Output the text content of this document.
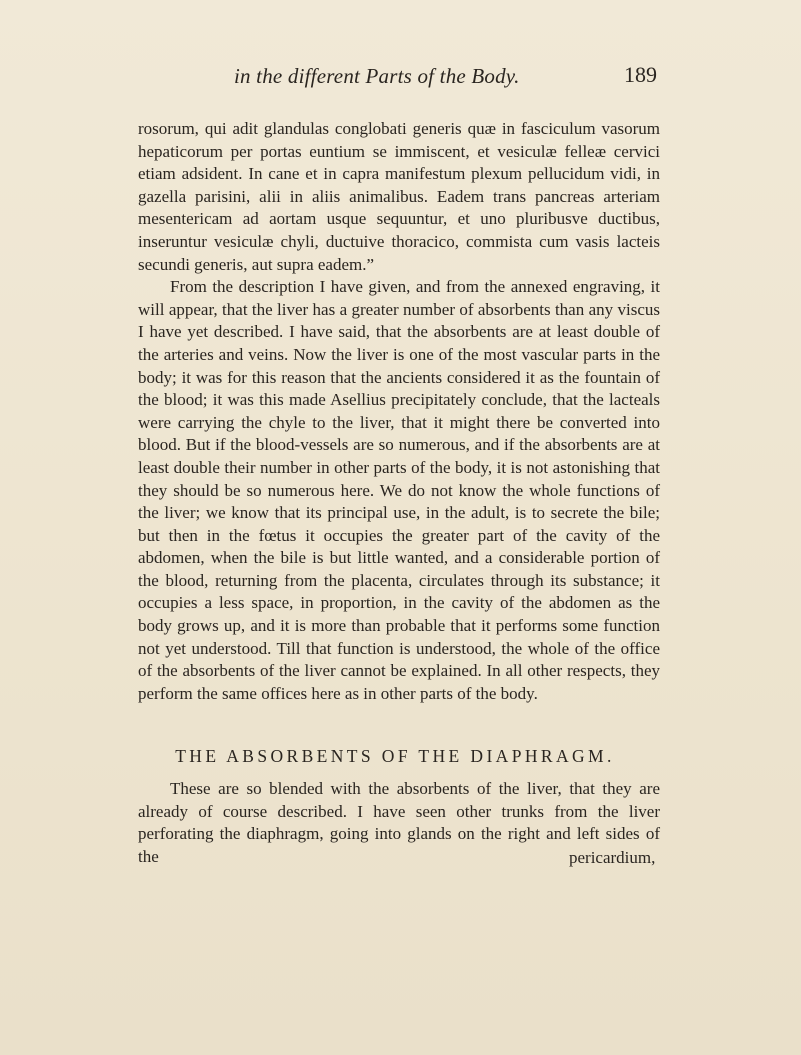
in the different Parts of the Body.	189

rosorum, qui adit glandulas conglobati generis quæ in fasciculum vasorum hepaticorum per portas euntium se immiscent, et vesiculæ felleæ cervici etiam adsident. In cane et in capra manifestum plexum pellucidum vidi, in gazella parisini, alii in aliis animalibus. Eadem trans pancreas arteriam mesentericam ad aortam usque sequuntur, et uno pluribusve ductibus, inseruntur vesiculæ chyli, ductuive thoracico, commista cum vasis lacteis secundi generis, aut supra eadem.”

From the description I have given, and from the annexed engraving, it will appear, that the liver has a greater number of absorbents than any viscus I have yet described. I have said, that the absorbents are at least double of the arteries and veins. Now the liver is one of the most vascular parts in the body; it was for this reason that the ancients considered it as the fountain of the blood; it was this made Asellius precipitately conclude, that the lacteals were carrying the chyle to the liver, that it might there be converted into blood. But if the blood-vessels are so numerous, and if the absorbents are at least double their number in other parts of the body, it is not astonishing that they should be so numerous here. We do not know the whole functions of the liver; we know that its principal use, in the adult, is to secrete the bile; but then in the fœtus it occupies the greater part of the cavity of the abdomen, when the bile is but little wanted, and a considerable portion of the blood, returning from the placenta, circulates through its substance; it occupies a less space, in proportion, in the cavity of the abdomen as the body grows up, and it is more than probable that it performs some function not yet understood. Till that function is understood, the whole of the office of the absorbents of the liver cannot be explained. In all other respects, they perform the same offices here as in other parts of the body.

THE ABSORBENTS OF THE DIAPHRAGM.

These are so blended with the absorbents of the liver, that they are already of course described. I have seen other trunks from the liver perforating the diaphragm, going into glands on the right and left sides of the	pericardium,
